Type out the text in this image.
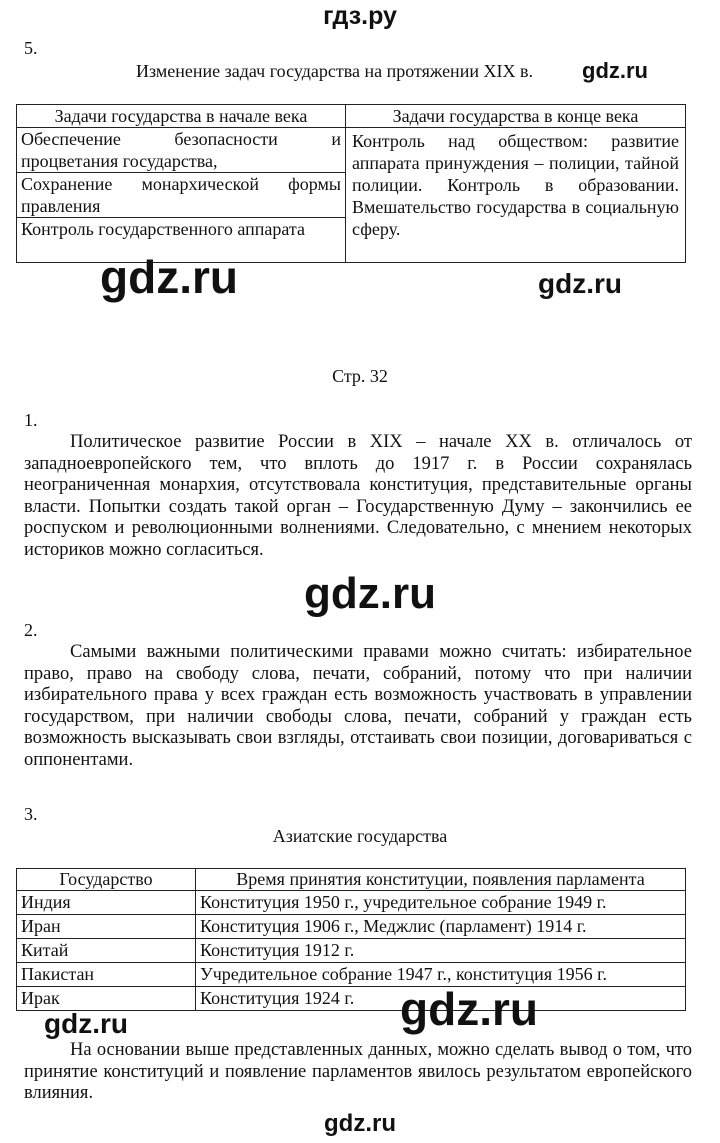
гдз.ру
5.
Изменение задач государства на протяжении XIX в. gdz.ru
Задачи государства в начале века	Задачи государства в конце века
Обеспечение безопасности и процветания государства,	Контроль над обществом: развитие аппарата принуждения – полиции, тайной полиции. Контроль в образовании. Вмешательство государства в социальную сферу.
Сохранение монархической формы правления	
Контроль государственного аппарата	
gdz.ru	gdz.ru
Стр. 32
1.
Политическое развитие России в XIX – начале XX в. отличалось от западноевропейского тем, что вплоть до 1917 г. в России сохранялась неограниченная монархия, отсутствовала конституция, представительные органы власти. Попытки создать такой орган – Государственную Думу – закончились ее роспуском и революционными волнениями. Следовательно, с мнением некоторых историков можно согласиться.
gdz.ru
2.
Самыми важными политическими правами можно считать: избирательное право, право на свободу слова, печати, собраний, потому что при наличии избирательного права у всех граждан есть возможность участвовать в управлении государством, при наличии свободы слова, печати, собраний у граждан есть возможность высказывать свои взгляды, отстаивать свои позиции, договариваться с оппонентами.
3.
Азиатские государства
Государство	Время принятия конституции, появления парламента
Индия	Конституция 1950 г., учредительное собрание 1949 г.
Иран	Конституция 1906 г., Меджлис (парламент) 1914 г.
Китай	Конституция 1912 г.
Пакистан	Учредительное собрание 1947 г., конституция 1956 г.
Ирак	Конституция 1924 г.
gdz.ru	gdz.ru
На основании выше представленных данных, можно сделать вывод о том, что принятие конституций и появление парламентов явилось результатом европейского влияния.
gdz.ru
